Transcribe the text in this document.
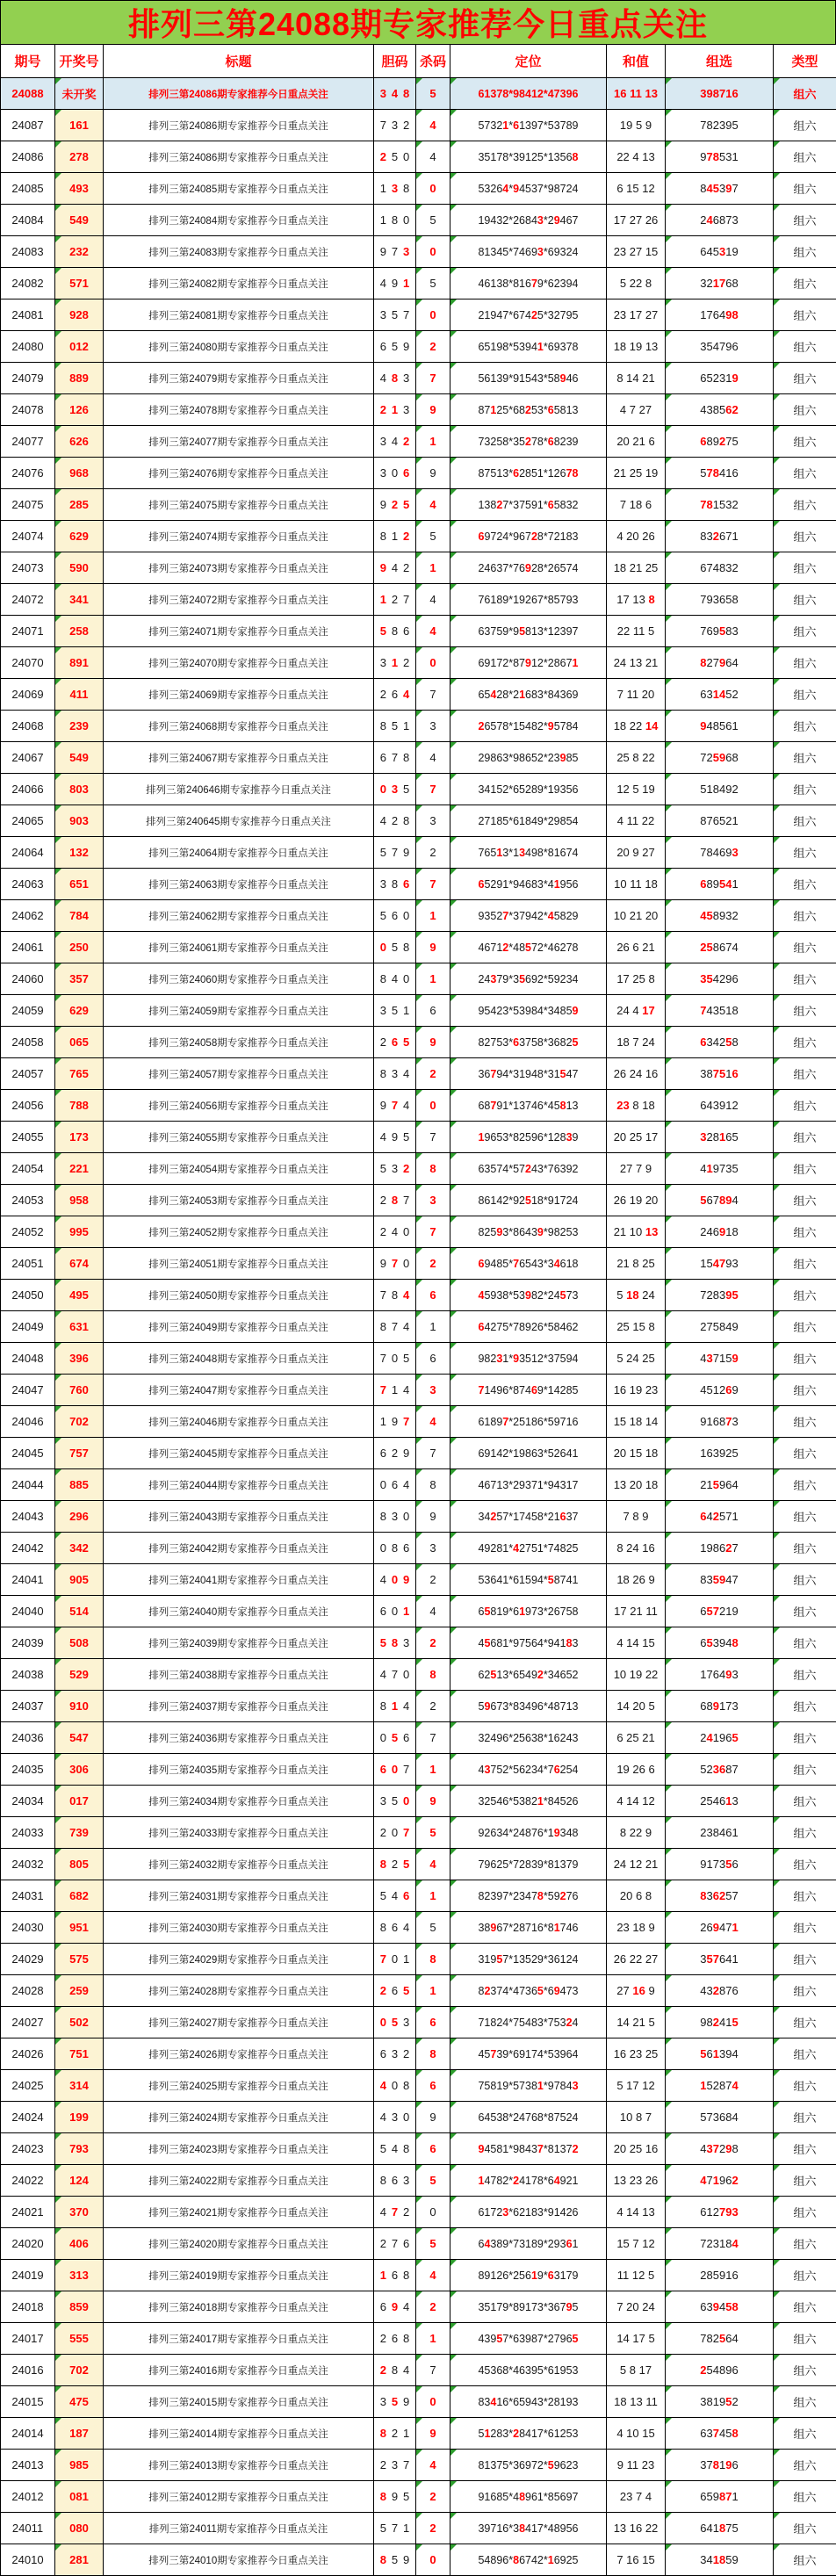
排列三第24088期专家推荐今日重点关注
期号	开奖号	标题	胆码	杀码	定位	和值	组选	类型
24088	未开奖	排列三第24086期专家推荐今日重点关注	348	5	61378*98412*47396	16 11 13	398716	组六
24087	161	排列三第24086期专家推荐今日重点关注	732	4	57321*61397*53789	19 5 9	782395	组六
24086	278	排列三第24086期专家推荐今日重点关注	250	4	35178*39125*13568	22 4 13	978531	组六
24085	493	排列三第24085期专家推荐今日重点关注	138	0	53264*94537*98724	6 15 12	845397	组六
24084	549	排列三第24084期专家推荐今日重点关注	180	5	19432*26843*29467	17 27 26	246873	组六
24083	232	排列三第24083期专家推荐今日重点关注	973	0	81345*74693*69324	23 27 15	645319	组六
24082	571	排列三第24082期专家推荐今日重点关注	491	5	46138*81679*62394	5 22 8	321768	组六
24081	928	排列三第24081期专家推荐今日重点关注	357	0	21947*67425*32795	23 17 27	176498	组六
24080	012	排列三第24080期专家推荐今日重点关注	659	2	65198*53941*69378	18 19 13	354796	组六
24079	889	排列三第24079期专家推荐今日重点关注	483	7	56139*91543*58946	8 14 21	652319	组六
24078	126	排列三第24078期专家推荐今日重点关注	213	9	87125*68253*65813	4 7 27	438562	组六
24077	626	排列三第24077期专家推荐今日重点关注	342	1	73258*35278*68239	20 21 6	689275	组六
24076	968	排列三第24076期专家推荐今日重点关注	306	9	87513*62851*12678	21 25 19	578416	组六
24075	285	排列三第24075期专家推荐今日重点关注	925	4	13827*37591*65832	7 18 6	781532	组六
24074	629	排列三第24074期专家推荐今日重点关注	812	5	69724*96728*72183	4 20 26	832671	组六
24073	590	排列三第24073期专家推荐今日重点关注	942	1	24637*76928*26574	18 21 25	674832	组六
24072	341	排列三第24072期专家推荐今日重点关注	127	4	76189*19267*85793	17 13 8	793658	组六
24071	258	排列三第24071期专家推荐今日重点关注	586	4	63759*95813*12397	22 11 5	769583	组六
24070	891	排列三第24070期专家推荐今日重点关注	312	0	69172*87912*28671	24 13 21	827964	组六
24069	411	排列三第24069期专家推荐今日重点关注	264	7	65428*21683*84369	7 11 20	631452	组六
24068	239	排列三第24068期专家推荐今日重点关注	851	3	26578*15482*95784	18 22 14	948561	组六
24067	549	排列三第24067期专家推荐今日重点关注	678	4	29863*98652*23985	25 8 22	725968	组六
24066	803	排列三第240646期专家推荐今日重点关注	035	7	34152*65289*19356	12 5 19	518492	组六
24065	903	排列三第240645期专家推荐今日重点关注	428	3	27185*61849*29854	4 11 22	876521	组六
24064	132	排列三第24064期专家推荐今日重点关注	579	2	76513*13498*81674	20 9 27	784693	组六
24063	651	排列三第24063期专家推荐今日重点关注	386	7	65291*94683*41956	10 11 18	689541	组六
24062	784	排列三第24062期专家推荐今日重点关注	560	1	93527*37942*45829	10 21 20	458932	组六
24061	250	排列三第24061期专家推荐今日重点关注	058	9	46712*48572*46278	26 6 21	258674	组六
24060	357	排列三第24060期专家推荐今日重点关注	840	1	24379*35692*59234	17 25 8	354296	组六
24059	629	排列三第24059期专家推荐今日重点关注	351	6	95423*53984*34859	24 4 17	743518	组六
24058	065	排列三第24058期专家推荐今日重点关注	265	9	82753*63758*36825	18 7 24	634258	组六
24057	765	排列三第24057期专家推荐今日重点关注	834	2	36794*31948*31547	26 24 16	387516	组六
24056	788	排列三第24056期专家推荐今日重点关注	974	0	68791*13746*45813	23 8 18	643912	组六
24055	173	排列三第24055期专家推荐今日重点关注	495	7	19653*82596*12839	20 25 17	328165	组六
24054	221	排列三第24054期专家推荐今日重点关注	532	8	63574*57243*76392	27 7 9	419735	组六
24053	958	排列三第24053期专家推荐今日重点关注	287	3	86142*92518*91724	26 19 20	567894	组六
24052	995	排列三第24052期专家推荐今日重点关注	240	7	82593*86439*98253	21 10 13	246918	组六
24051	674	排列三第24051期专家推荐今日重点关注	970	2	69485*76543*34618	21 8 25	154793	组六
24050	495	排列三第24050期专家推荐今日重点关注	784	6	45938*53982*24573	5 18 24	728395	组六
24049	631	排列三第24049期专家推荐今日重点关注	874	1	64275*78926*58462	25 15 8	275849	组六
24048	396	排列三第24048期专家推荐今日重点关注	705	6	98231*93512*37594	5 24 25	437159	组六
24047	760	排列三第24047期专家推荐今日重点关注	714	3	71496*87469*14285	16 19 23	451269	组六
24046	702	排列三第24046期专家推荐今日重点关注	197	4	61897*25186*59716	15 18 14	916873	组六
24045	757	排列三第24045期专家推荐今日重点关注	629	7	69142*19863*52641	20 15 18	163925	组六
24044	885	排列三第24044期专家推荐今日重点关注	064	8	46713*29371*94317	13 20 18	215964	组六
24043	296	排列三第24043期专家推荐今日重点关注	830	9	34257*17458*21637	7 8 9	642571	组六
24042	342	排列三第24042期专家推荐今日重点关注	086	3	49281*42751*74825	8 24 16	198627	组六
24041	905	排列三第24041期专家推荐今日重点关注	409	2	53641*61594*58741	18 26 9	835947	组六
24040	514	排列三第24040期专家推荐今日重点关注	601	4	65819*61973*26758	17 21 11	657219	组六
24039	508	排列三第24039期专家推荐今日重点关注	583	2	45681*97564*94183	4 14 15	653948	组六
24038	529	排列三第24038期专家推荐今日重点关注	470	8	62513*65492*34652	10 19 22	176493	组六
24037	910	排列三第24037期专家推荐今日重点关注	814	2	59673*83496*48713	14 20 5	689173	组六
24036	547	排列三第24036期专家推荐今日重点关注	056	7	32496*25638*16243	6 25 21	241965	组六
24035	306	排列三第24035期专家推荐今日重点关注	607	1	43752*56234*76254	19 26 6	523687	组六
24034	017	排列三第24034期专家推荐今日重点关注	350	9	32546*53821*84526	4 14 12	254613	组六
24033	739	排列三第24033期专家推荐今日重点关注	207	5	92634*24876*19348	8 22 9	238461	组六
24032	805	排列三第24032期专家推荐今日重点关注	825	4	79625*72839*81379	24 12 21	917356	组六
24031	682	排列三第24031期专家推荐今日重点关注	546	1	82397*23478*59276	20 6 8	836257	组六
24030	951	排列三第24030期专家推荐今日重点关注	864	5	38967*28716*81746	23 18 9	269471	组六
24029	575	排列三第24029期专家推荐今日重点关注	701	8	31957*13529*36124	26 22 27	357641	组六
24028	259	排列三第24028期专家推荐今日重点关注	265	1	82374*47365*69473	27 16 9	432876	组六
24027	502	排列三第24027期专家推荐今日重点关注	053	6	71824*75483*75324	14 21 5	982415	组六
24026	751	排列三第24026期专家推荐今日重点关注	632	8	45739*69174*53964	16 23 25	561394	组六
24025	314	排列三第24025期专家推荐今日重点关注	408	6	75819*57381*97843	5 17 12	152874	组六
24024	199	排列三第24024期专家推荐今日重点关注	430	9	64538*24768*87524	10 8 7	573684	组六
24023	793	排列三第24023期专家推荐今日重点关注	548	6	94581*98437*81372	20 25 16	437298	组六
24022	124	排列三第24022期专家推荐今日重点关注	863	5	14782*24178*64921	13 23 26	471962	组六
24021	370	排列三第24021期专家推荐今日重点关注	472	0	61723*62183*91426	4 14 13	612793	组六
24020	406	排列三第24020期专家推荐今日重点关注	276	5	64389*73189*29361	15 7 12	723184	组六
24019	313	排列三第24019期专家推荐今日重点关注	168	4	89126*25619*63179	11 12 5	285916	组六
24018	859	排列三第24018期专家推荐今日重点关注	694	2	35179*89173*36795	7 20 24	639458	组六
24017	555	排列三第24017期专家推荐今日重点关注	268	1	43957*63987*27965	14 17 5	782564	组六
24016	702	排列三第24016期专家推荐今日重点关注	284	7	45368*46395*61953	5 8 17	254896	组六
24015	475	排列三第24015期专家推荐今日重点关注	359	0	83416*65943*28193	18 13 11	381952	组六
24014	187	排列三第24014期专家推荐今日重点关注	821	9	51283*28417*61253	4 10 15	637458	组六
24013	985	排列三第24013期专家推荐今日重点关注	237	4	81375*36972*59623	9 11 23	378196	组六
24012	081	排列三第24012期专家推荐今日重点关注	895	2	91685*48961*85697	23 7 4	659871	组六
24011	080	排列三第24011期专家推荐今日重点关注	571	2	39716*38417*48956	13 16 22	641875	组六
24010	281	排列三第24010期专家推荐今日重点关注	859	0	54896*86742*16925	7 16 15	341859	组六
